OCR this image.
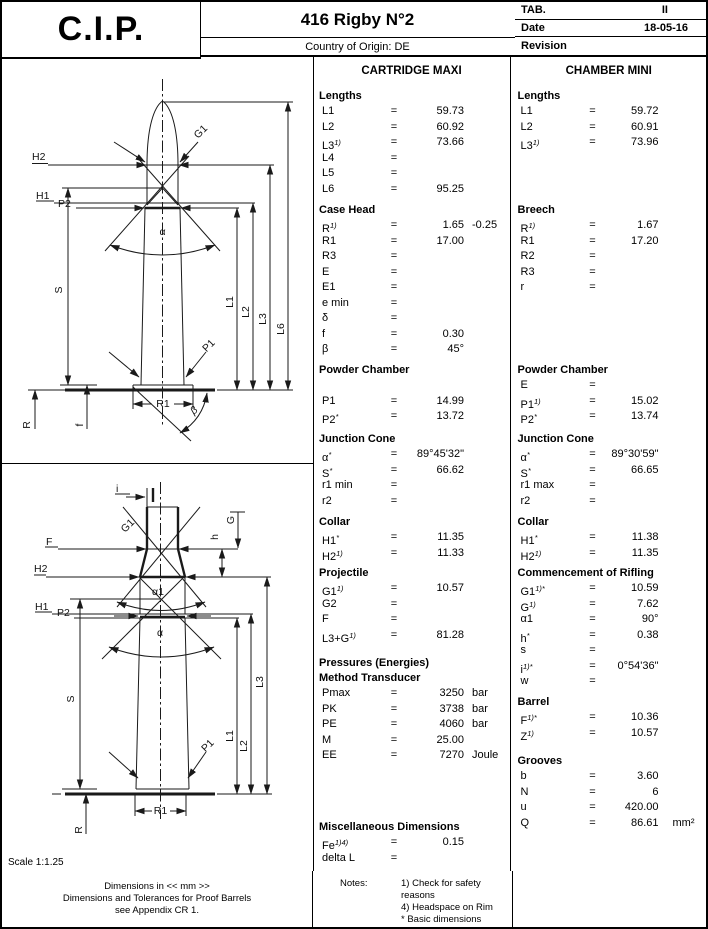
C.I.P.	416 Rigby N°2
Country of Origin: DE
TAB.	II
Date	18-05-16
Revision
H2
G1
α
H1
P2
P1
L1
L2
L3
L6
S
R1
R	f
β
i
G
F	h
G1
α1
H2
α
H1 P2
P1
L1
L2
L3
S
R1
R
Scale 1:1.25
CARTRIDGE MAXI
Lengths
L1	=	59.73
L2	=	60.92
$L3^{1)}$	=	73.66
L4	=
L5	=
L6	=	95.25
Case Head
$R^{1)}$	=	1.65 -0.25
R1	=	17.00
R3	=
E	=
E1	=
e min	=
δ	=
f	=	0.30
β	=	45°
Powder Chamber
P1	=	14.99
P2*	=	13.72
Junction Cone
α*	=	89°45'32"
S*	=	66.62
r1 min	=
r2	=
Collar
H1*	=	11.35
$H2^{1)}$	=	11.33
Projectile
$G1^{1)}$	=	10.57
G2	=
F	=
$L3+G^{1)}$	=	81.28
Pressures (Energies)
Method Transducer
Pmax	=	3250 bar
PK	=	3738 bar
PE	=	4060 bar
M	=	25.00
EE	=	7270 Joule
Miscellaneous Dimensions
$Fe^{1)4)}$	=	0.15
delta L	=
CHAMBER MINI
Lengths
L1	=	59.72
L2	=	60.91
$L3^{1)}$	=	73.96
Breech
$R^{1)}$	=	1.67
R1	=	17.20
R2	=
R3	=
r	=
Powder Chamber
E	=
$P1^{1)}$	=	15.02
P2*	=	13.74
Junction Cone
α*	=	89°30'59"
S*	=	66.65
r1 max	=
r2	=
Collar
H1*	=	11.38
$H2^{1)}$	=	11.35
Commencement of Rifling
$G1^{1)*}$	=	10.59
$G^{1)}$	=	7.62
α1	=	90°
h*	=	0.38
s	=
$i^{1)*}$	=	0°54'36"
w	=
Barrel
$F^{1)*}$	=	10.36
$Z^{1)}$	=	10.57
Grooves
b	=	3.60
N	=	6
u	=	420.00
Q	=	86.61	mm²
Dimensions in << mm >>
Dimensions and Tolerances for Proof Barrels
see Appendix CR 1.
Notes:	1) Check for safety reasons
4) Headspace on Rim
* Basic dimensions
